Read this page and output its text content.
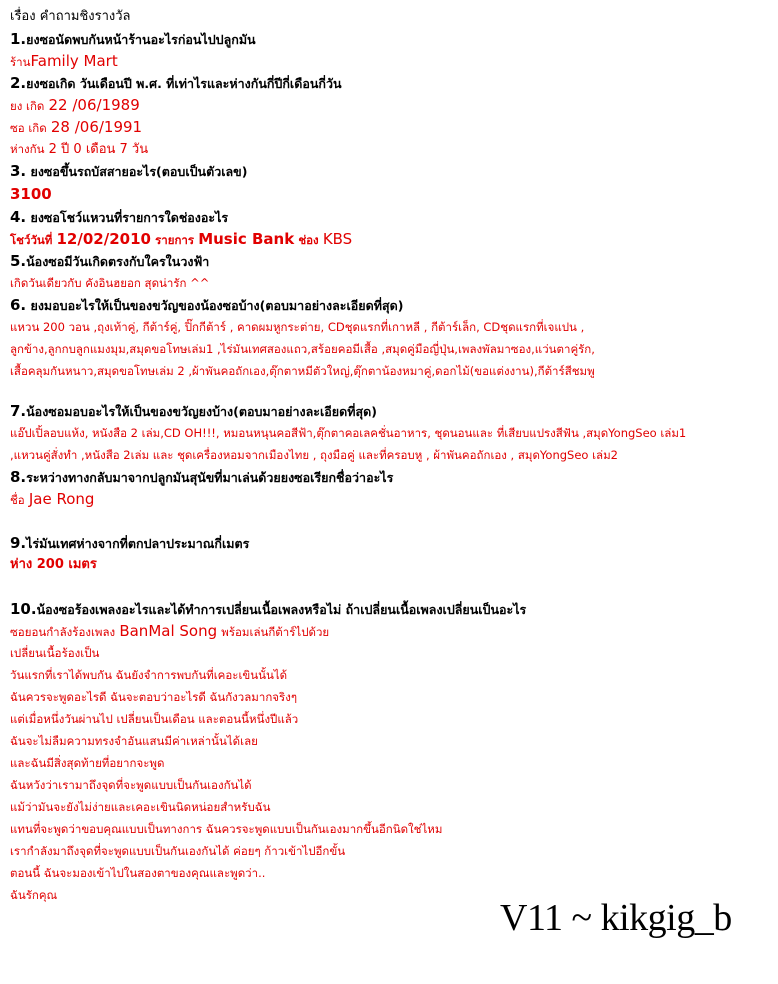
เรื่อง คำถามชิงรางวัล
1.ยงซอนัดพบกันหน้าร้านอะไรก่อนไปปลูกมัน
ร้านFamily Mart
2.ยงซอเกิด วันเดือนปี พ.ศ. ที่เท่าไรและห่างกันกี่ปีกี่เดือนกี่วัน
ยง เกิด 22 /06/1989
ซอ เกิด 28 /06/1991
ห่างกัน 2 ปี 0 เดือน 7 วัน
3. ยงซอขึ้นรถบัสสายอะไร(ตอบเป็นตัวเลข)
3100
4. ยงซอโชว์แหวนที่รายการใดช่องอะไร
โชว์วันที่ 12/02/2010 รายการ Music Bank ช่อง KBS
5.น้องซอมีวันเกิดตรงกับใครในวงฟ้า
เกิดวันเดียวกับ คังอินฮยอก สุดน่ารัก ^^
6. ยงมอบอะไรให้เป็นของขวัญของน้องซอบ้าง(ตอบมาอย่างละเอียดที่สุด)
แหวน 200 วอน ,ถุงเท้าคู่, กีต้าร์คู่, ปิ๊กกีต้าร์ , คาดผมหูกระต่าย, CDชุดแรกที่เกาหลี , กีต้าร์เล็ก, CDชุดแรกที่เจแปน ,
ลูกข้าง,ลูกกบลูกแมงมุม,สมุดขอโทษเล่ม1 ,ไร่มันเทศสองแถว,สร้อยคอมีเสื้อ ,สมุดคู่มือญี่ปุ่น,เพลงพัลมาซอง,แว่นตาคู่รัก,
เสื้อคลุมกันหนาว,สมุดขอโทษเล่ม 2 ,ผ้าพันคอถักเอง,ตุ๊กตาหมีตัวใหญ่,ตุ๊กตาน้องหมาคู่,ดอกไม้(ขอแต่งงาน),กีต้าร์สีชมพู
7.น้องซอมอบอะไรให้เป็นของขวัญยงบ้าง(ตอบมาอย่างละเอียดที่สุด)
แอ๊ปเปิ้ลอบแห้ง, หนังสือ 2 เล่ม,CD OH!!!, หมอนหนุนคอสีฟ้า,ตุ๊กตาคอเลคชั่นอาหาร, ชุดนอนและ ที่เสียบแปรงสีฟัน ,สมุดYongSeo เล่ม1
,แหวนคู่สั่งทำ ,หนังสือ 2เล่ม และ ชุดเครื่องหอมจากเมืองไทย , ถุงมือคู่ และที่ครอบหู , ผ้าพันคอถักเอง , สมุดYongSeo เล่ม2
8.ระหว่างทางกลับมาจากปลูกมันสุนัขที่มาเล่นด้วยยงซอเรียกชื่อว่าอะไร
ชื่อ Jae Rong
9.ไร่มันเทศห่างจากที่ตกปลาประมาณกี่เมตร
ห่าง 200 เมตร
10.น้องซอร้องเพลงอะไรและได้ทำการเปลี่ยนเนื้อเพลงหรือไม่ ถ้าเปลี่ยนเนื้อเพลงเปลี่ยนเป็นอะไร
ซอยอนกำลังร้องเพลง BanMal Song พร้อมเล่นกีต้าร์ไปด้วย
เปลี่ยนเนื้อร้องเป็น
วันแรกที่เราได้พบกัน ฉันยังจำการพบกันที่เคอะเขินนั้นได้
ฉันควรจะพูดอะไรดี ฉันจะตอบว่าอะไรดี ฉันกังวลมากจริงๆ
แต่เมื่อหนึ่งวันผ่านไป เปลี่ยนเป็นเดือน และตอนนี้หนึ่งปีแล้ว
ฉันจะไม่ลืมความทรงจำอันแสนมีค่าเหล่านั้นได้เลย
และฉันมีสิ่งสุดท้ายที่อยากจะพูด
ฉันหวังว่าเรามาถึงจุดที่จะพูดแบบเป็นกันเองกันได้
แม้ว่ามันจะยังไม่ง่ายและเคอะเขินนิดหน่อยสำหรับฉัน
แทนที่จะพูดว่าขอบคุณแบบเป็นทางการ ฉันควรจะพูดแบบเป็นกันเองมากขึ้นอีกนิดใช่ไหม
เรากำลังมาถึงจุดที่จะพูดแบบเป็นกันเองกันได้ ค่อยๆ ก้าวเข้าไปอีกขั้น
ตอนนี้ ฉันจะมองเข้าไปในสองตาของคุณและพูดว่า..
ฉันรักคุณ
V11 ~ kikgig_b
